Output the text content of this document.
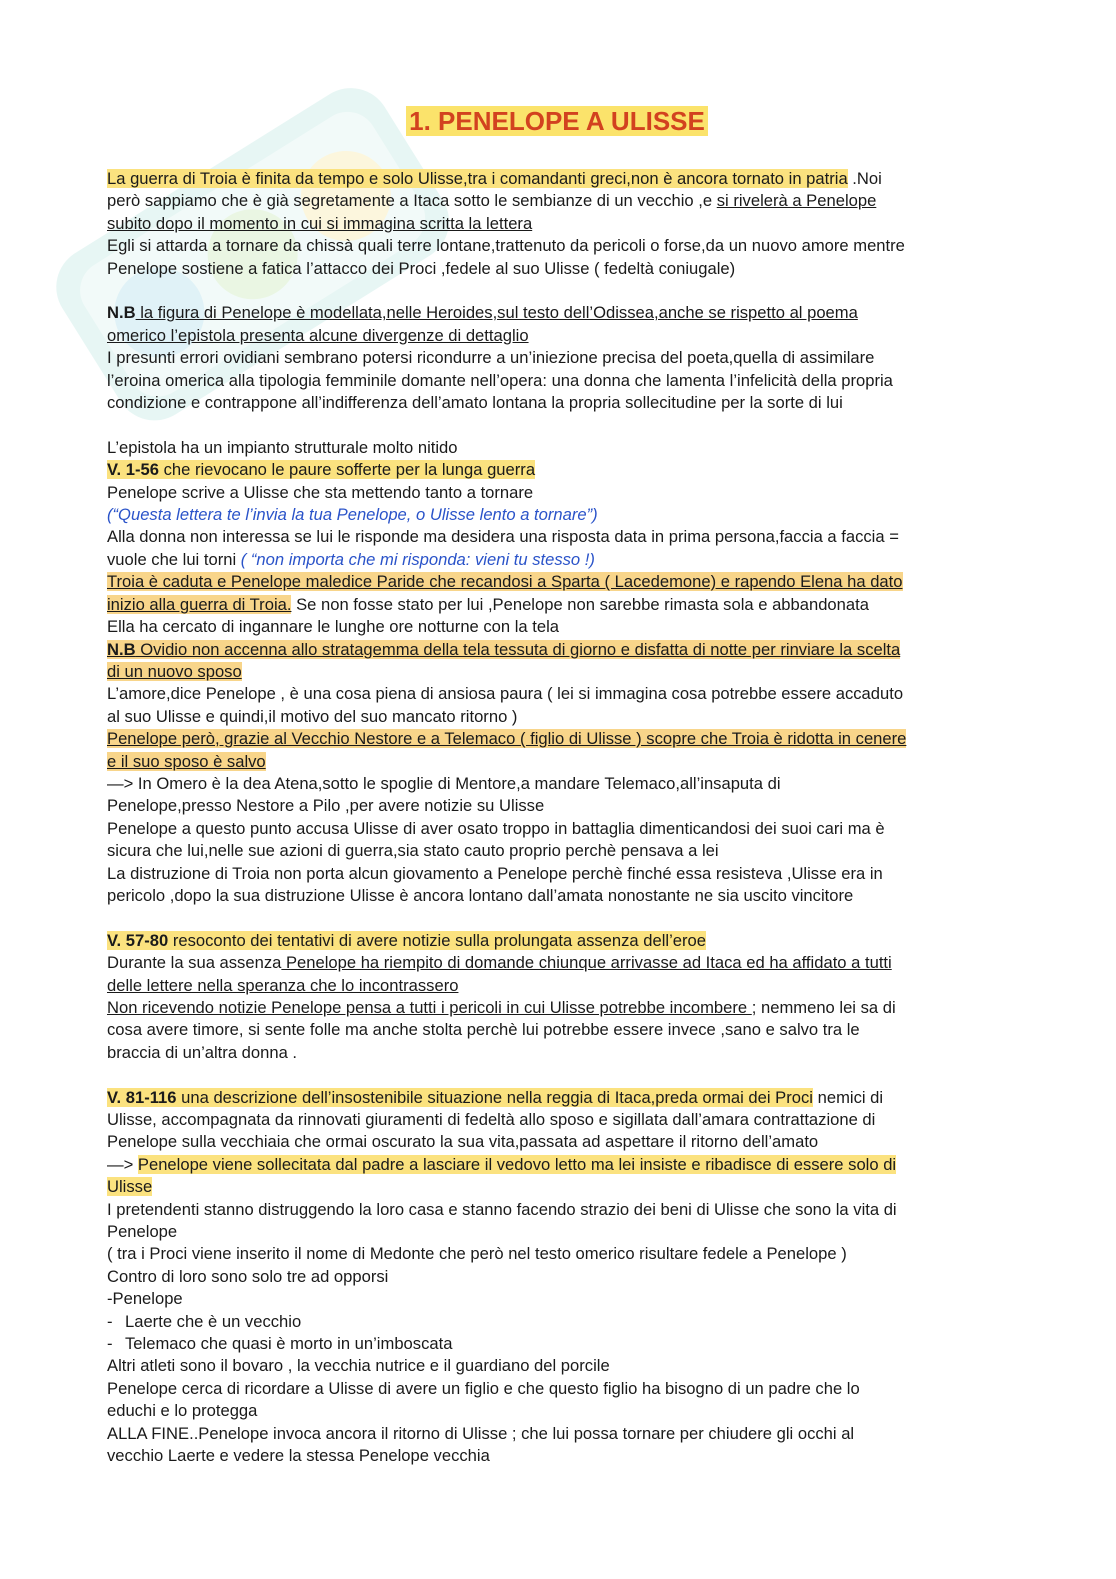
1. PENELOPE A ULISSE

La guerra di Troia è finita da tempo e solo Ulisse,tra i comandanti greci,non è ancora tornato in patria .Noi

però sappiamo che è già segretamente a Itaca sotto le sembianze di un vecchio ,e si rivelerà a Penelope

subito dopo il momento in cui si immagina scritta la lettera

Egli si attarda a tornare da chissà quali terre lontane,trattenuto da pericoli o forse,da un nuovo amore mentre

Penelope sostiene a fatica l’attacco dei Proci ,fedele al suo Ulisse ( fedeltà coniugale)

N.B la figura di Penelope è modellata,nelle Heroides,sul testo dell’Odissea,anche se rispetto al poema

omerico l’epistola presenta alcune divergenze di dettaglio

I presunti errori ovidiani sembrano potersi ricondurre a un’iniezione precisa del poeta,quella di assimilare

l’eroina omerica alla tipologia femminile domante nell’opera: una donna che lamenta l’infelicità della propria

condizione e contrappone all’indifferenza dell’amato lontana la propria sollecitudine per la sorte di lui

L’epistola ha un impianto strutturale molto nitido

V. 1-56 che rievocano le paure sofferte per la lunga guerra

Penelope scrive a Ulisse che sta mettendo tanto a tornare

(“Questa lettera te l’invia la tua Penelope, o Ulisse lento a tornare”)

Alla donna non interessa se lui le risponde ma desidera una risposta data in prima persona,faccia a faccia =

vuole che lui torni ( “non importa che mi risponda: vieni tu stesso !)

Troia è caduta e Penelope maledice Paride che recandosi a Sparta ( Lacedemone) e rapendo Elena ha dato

inizio alla guerra di Troia. Se non fosse stato per lui ,Penelope non sarebbe rimasta sola e abbandonata

Ella ha cercato di ingannare le lunghe ore notturne con la tela

N.B Ovidio non accenna allo stratagemma della tela tessuta di giorno e disfatta di notte per rinviare la scelta

di un nuovo sposo

L’amore,dice Penelope , è una cosa piena di ansiosa paura ( lei si immagina cosa potrebbe essere accaduto

al suo Ulisse e quindi,il motivo del suo mancato ritorno )

Penelope però, grazie al Vecchio Nestore e a Telemaco ( figlio di Ulisse ) scopre che Troia è ridotta in cenere

e il suo sposo è salvo

—> In Omero è la dea Atena,sotto le spoglie di Mentore,a mandare Telemaco,all’insaputa di

Penelope,presso Nestore a Pilo ,per avere notizie su Ulisse

Penelope a questo punto accusa Ulisse di aver osato troppo in battaglia dimenticandosi dei suoi cari ma è

sicura che lui,nelle sue azioni di guerra,sia stato cauto proprio perchè pensava a lei

La distruzione di Troia non porta alcun giovamento a Penelope perchè finché essa resisteva ,Ulisse era in

pericolo ,dopo la sua distruzione Ulisse è ancora lontano dall’amata nonostante ne sia uscito vincitore

V. 57-80 resoconto dei tentativi di avere notizie sulla prolungata assenza dell’eroe

Durante la sua assenza Penelope ha riempito di domande chiunque arrivasse ad Itaca ed ha affidato a tutti

delle lettere nella speranza che lo incontrassero

Non ricevendo notizie Penelope pensa a tutti i pericoli in cui Ulisse potrebbe incombere ; nemmeno lei sa di

cosa avere timore, si sente folle ma anche stolta perchè lui potrebbe essere invece ,sano e salvo tra le

braccia di un’altra donna .

V. 81-116 una descrizione dell’insostenibile situazione nella reggia di Itaca,preda ormai dei Proci nemici di

Ulisse, accompagnata da rinnovati giuramenti di fedeltà allo sposo e sigillata dall’amara contrattazione di

Penelope sulla vecchiaia che ormai oscurato la sua vita,passata ad aspettare il ritorno dell’amato

—> Penelope viene sollecitata dal padre a lasciare il vedovo letto ma lei insiste e ribadisce di essere solo di

Ulisse

I pretendenti stanno distruggendo la loro casa e stanno facendo strazio dei beni di Ulisse che sono la vita di

Penelope

( tra i Proci viene inserito il nome di Medonte che però nel testo omerico risultare fedele a Penelope )

Contro di loro sono solo tre ad opporsi

-Penelope

- Laerte che è un vecchio

- Telemaco che quasi è morto in un’imboscata

Altri atleti sono il bovaro , la vecchia nutrice e il guardiano del porcile

Penelope cerca di ricordare a Ulisse di avere un figlio e che questo figlio ha bisogno di un padre che lo

educhi e lo protegga

ALLA FINE..Penelope invoca ancora il ritorno di Ulisse ; che lui possa tornare per chiudere gli occhi al

vecchio Laerte e vedere la stessa Penelope vecchia
